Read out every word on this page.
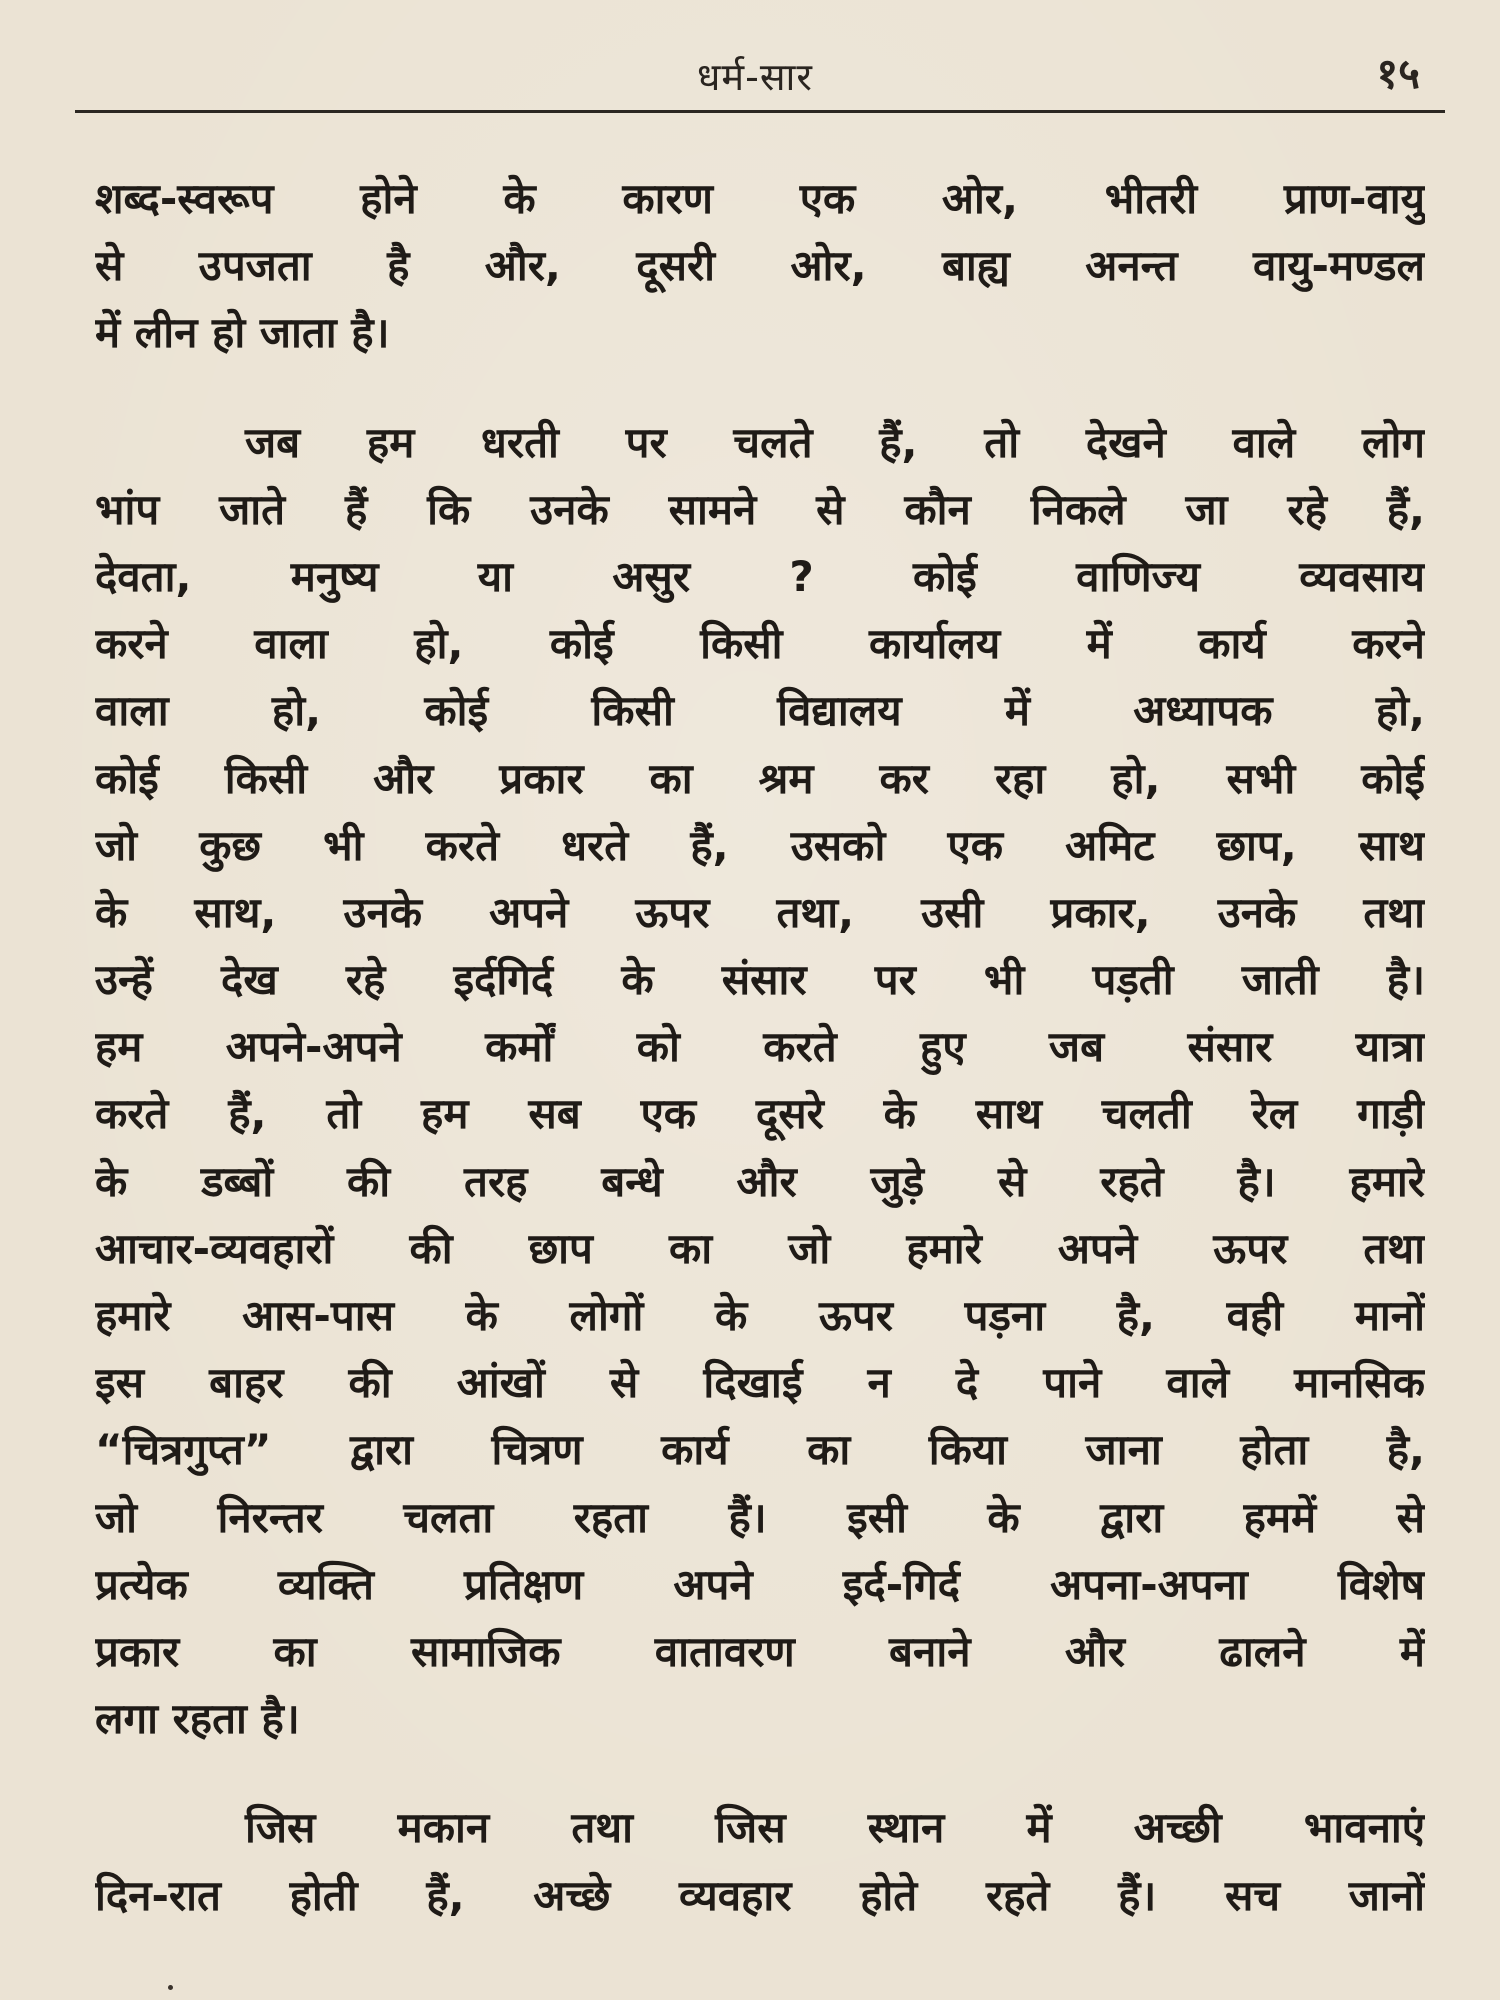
धर्म-सार	१५
शब्द-स्वरूप होने के कारण एक ओर, भीतरी प्राण-वायु
से उपजता है और, दूसरी ओर, बाह्य अनन्त वायु-मण्डल
में लीन हो जाता है।
जब हम धरती पर चलते हैं, तो देखने वाले लोग
भांप जाते हैं कि उनके सामने से कौन निकले जा रहे हैं,
देवता, मनुष्य या असुर ? कोई वाणिज्य व्यवसाय
करने वाला हो, कोई किसी कार्यालय में कार्य करने
वाला हो, कोई किसी विद्यालय में अध्यापक हो,
कोई किसी और प्रकार का श्रम कर रहा हो, सभी कोई
जो कुछ भी करते धरते हैं, उसको एक अमिट छाप, साथ
के साथ, उनके अपने ऊपर तथा, उसी प्रकार, उनके तथा
उन्हें देख रहे इर्दगिर्द के संसार पर भी पड़ती जाती है।
हम अपने-अपने कर्मों को करते हुए जब संसार यात्रा
करते हैं, तो हम सब एक दूसरे के साथ चलती रेल गाड़ी
के डब्बों की तरह बन्धे और जुड़े से रहते है। हमारे
आचार-व्यवहारों की छाप का जो हमारे अपने ऊपर तथा
हमारे आस-पास के लोगों के ऊपर पड़ना है, वही मानों
इस बाहर की आंखों से दिखाई न दे पाने वाले मानसिक
“चित्रगुप्त” द्वारा चित्रण कार्य का किया जाना होता है,
जो निरन्तर चलता रहता हैं। इसी के द्वारा हममें से
प्रत्येक व्यक्ति प्रतिक्षण अपने इर्द-गिर्द अपना-अपना विशेष
प्रकार का सामाजिक वातावरण बनाने और ढालने में
लगा रहता है।
जिस मकान तथा जिस स्थान में अच्छी भावनाएं
दिन-रात होती हैं, अच्छे व्यवहार होते रहते हैं। सच जानों
